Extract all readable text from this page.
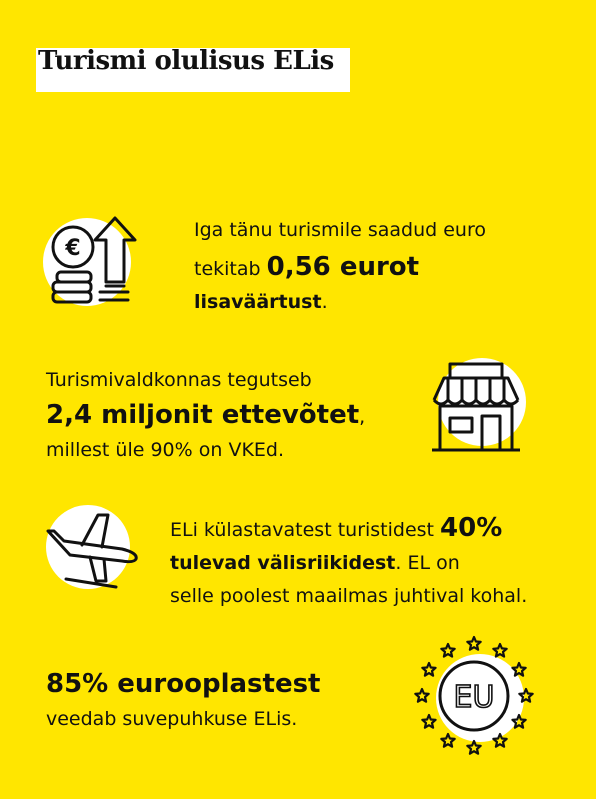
Turismi olulisus ELis
€
Iga tänu turismile saadud euro
tekitab 0,56 eurot
lisaväärtust.
Turismivaldkonnas tegutseb
2,4 miljonit ettevõtet,
millest üle 90% on VKEd.
ELi külastavatest turistidest 40%
tulevad välisriikidest. EL on
selle poolest maailmas juhtival kohal.
85% eurooplastest
veedab suvepuhkuse ELis.
EU
